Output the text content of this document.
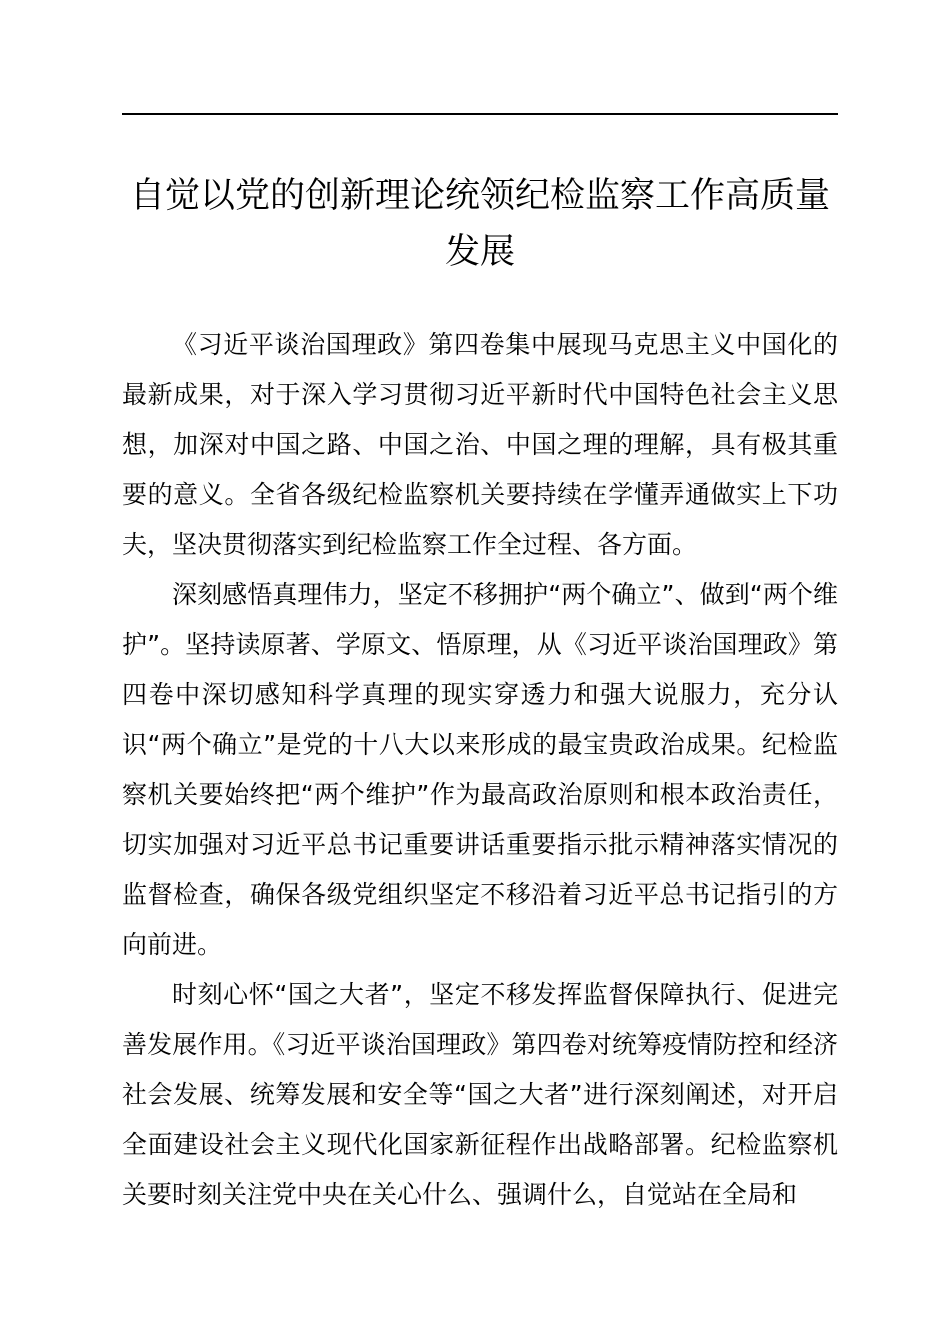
自觉以党的创新理论统领纪检监察工作高质量发展

《习近平谈治国理政》第四卷集中展现马克思主义中国化的最新成果，对于深入学习贯彻习近平新时代中国特色社会主义思想，加深对中国之路、中国之治、中国之理的理解，具有极其重要的意义。全省各级纪检监察机关要持续在学懂弄通做实上下功夫，坚决贯彻落实到纪检监察工作全过程、各方面。

深刻感悟真理伟力，坚定不移拥护“两个确立”、做到“两个维护”。坚持读原著、学原文、悟原理，从《习近平谈治国理政》第四卷中深切感知科学真理的现实穿透力和强大说服力，充分认识“两个确立”是党的十八大以来形成的最宝贵政治成果。纪检监察机关要始终把“两个维护”作为最高政治原则和根本政治责任，切实加强对习近平总书记重要讲话重要指示批示精神落实情况的监督检查，确保各级党组织坚定不移沿着习近平总书记指引的方向前进。

时刻心怀“国之大者”，坚定不移发挥监督保障执行、促进完善发展作用。《习近平谈治国理政》第四卷对统筹疫情防控和经济社会发展、统筹发展和安全等“国之大者”进行深刻阐述，对开启全面建设社会主义现代化国家新征程作出战略部署。纪检监察机关要时刻关注党中央在关心什么、强调什么，自觉站在全局和
